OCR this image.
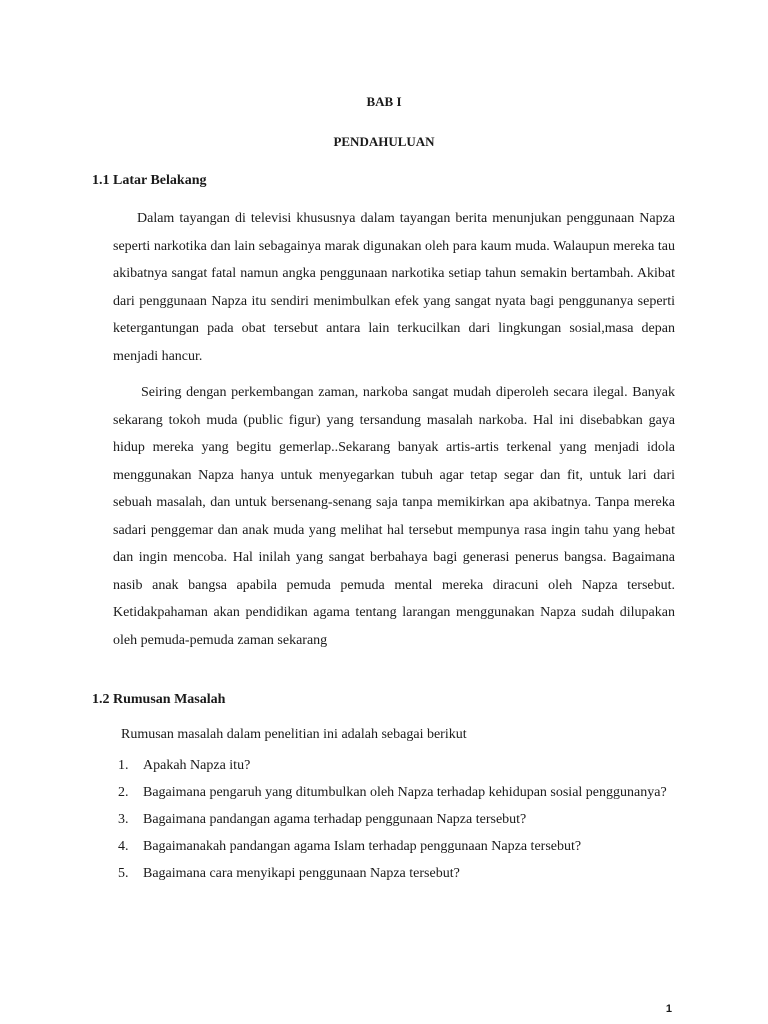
BAB I

PENDAHULUAN

1.1 Latar Belakang

Dalam tayangan di televisi khususnya dalam tayangan berita menunjukan penggunaan Napza seperti narkotika dan lain sebagainya marak digunakan oleh para kaum muda. Walaupun mereka tau akibatnya sangat fatal namun angka penggunaan narkotika setiap tahun semakin bertambah. Akibat dari penggunaan Napza itu sendiri menimbulkan efek yang sangat nyata bagi penggunanya seperti ketergantungan pada obat tersebut antara lain terkucilkan dari lingkungan sosial,masa depan menjadi hancur.

Seiring dengan perkembangan zaman, narkoba sangat mudah diperoleh secara ilegal. Banyak sekarang tokoh muda (public figur) yang tersandung masalah narkoba. Hal ini disebabkan gaya hidup mereka yang begitu gemerlap..Sekarang banyak artis-artis terkenal yang menjadi idola menggunakan Napza hanya untuk menyegarkan tubuh agar tetap segar dan fit, untuk lari dari sebuah masalah, dan untuk bersenang-senang saja tanpa memikirkan apa akibatnya. Tanpa mereka sadari penggemar dan anak muda yang melihat hal tersebut mempunya rasa ingin tahu yang hebat dan ingin mencoba. Hal inilah yang sangat berbahaya bagi generasi penerus bangsa. Bagaimana nasib anak bangsa apabila pemuda pemuda mental mereka diracuni oleh Napza tersebut. Ketidakpahaman akan pendidikan agama tentang larangan menggunakan Napza sudah dilupakan oleh pemuda-pemuda zaman sekarang

1.2 Rumusan Masalah

Rumusan masalah dalam penelitian ini adalah sebagai berikut

1. Apakah Napza itu?
2. Bagaimana pengaruh yang ditumbulkan oleh Napza terhadap kehidupan sosial penggunanya?
3. Bagaimana pandangan agama terhadap penggunaan Napza tersebut?
4. Bagaimanakah pandangan agama Islam terhadap penggunaan Napza tersebut?
5. Bagaimana cara menyikapi penggunaan Napza tersebut?
1
